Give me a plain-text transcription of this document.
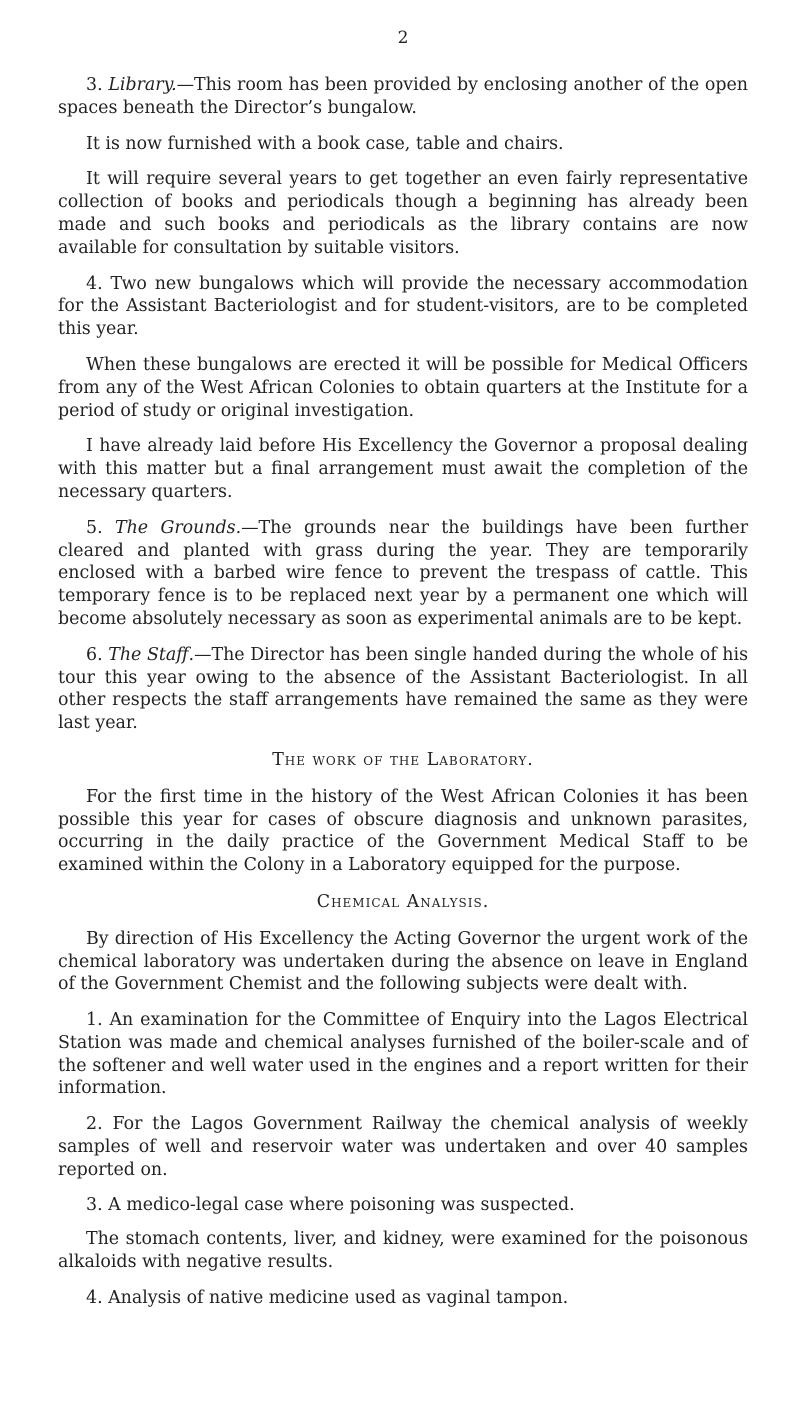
2

3. Library.—This room has been provided by enclosing another of the open spaces beneath the Director’s bungalow.

It is now furnished with a book case, table and chairs.

It will require several years to get together an even fairly representative collection of books and periodicals though a beginning has already been made and such books and periodicals as the library contains are now available for consultation by suitable visitors.

4. Two new bungalows which will provide the necessary accommodation for the Assistant Bacteriologist and for student-visitors, are to be completed this year.

When these bungalows are erected it will be possible for Medical Officers from any of the West African Colonies to obtain quarters at the Institute for a period of study or original investigation.

I have already laid before His Excellency the Governor a proposal dealing with this matter but a final arrangement must await the completion of the necessary quarters.

5. The Grounds.—The grounds near the buildings have been further cleared and planted with grass during the year. They are temporarily enclosed with a barbed wire fence to prevent the trespass of cattle. This temporary fence is to be replaced next year by a permanent one which will become absolutely necessary as soon as experimental animals are to be kept.

6. The Staff.—The Director has been single handed during the whole of his tour this year owing to the absence of the Assistant Bacteriologist. In all other respects the staff arrangements have remained the same as they were last year.

The work of the Laboratory.

For the first time in the history of the West African Colonies it has been possible this year for cases of obscure diagnosis and unknown parasites, occurring in the daily practice of the Government Medical Staff to be examined within the Colony in a Laboratory equipped for the purpose.

Chemical Analysis.

By direction of His Excellency the Acting Governor the urgent work of the chemical laboratory was undertaken during the absence on leave in England of the Government Chemist and the following subjects were dealt with.

1. An examination for the Committee of Enquiry into the Lagos Electrical Station was made and chemical analyses furnished of the boiler-scale and of the softener and well water used in the engines and a report written for their information.

2. For the Lagos Government Railway the chemical analysis of weekly samples of well and reservoir water was undertaken and over 40 samples reported on.

3. A medico-legal case where poisoning was suspected.

The stomach contents, liver, and kidney, were examined for the poisonous alkaloids with negative results.

4. Analysis of native medicine used as vaginal tampon.
